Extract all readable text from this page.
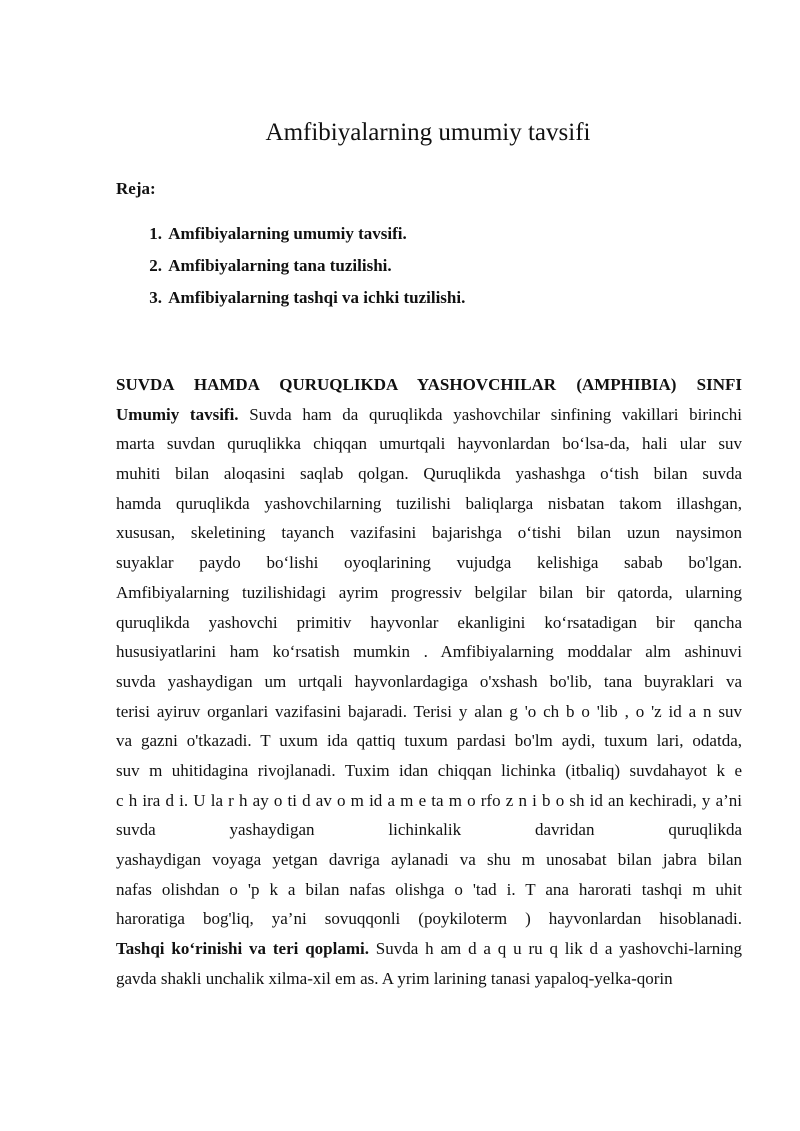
Amfibiyalarning umumiy tavsifi

Reja:

1. Amfibiyalarning umumiy tavsifi.
2. Amfibiyalarning tana tuzilishi.
3. Amfibiyalarning tashqi va ichki tuzilishi.
SUVDA HAMDA QURUQLIKDA YASHOVCHILAR (AMPHIBIA) SINFI
Umumiy tavsifi. Suvda ham da quruqlikda yashovchilar sinfining vakillari birinchi
marta suvdan quruqlikka chiqqan umurtqali hayvonlardan bo‘lsa-da, hali ular suv
muhiti bilan aloqasini saqlab qolgan. Quruqlikda yashashga o‘tish bilan suvda
hamda quruqlikda yashovchilarning tuzilishi baliqlarga nisbatan takom illashgan,
xususan, skeletining tayanch vazifasini bajarishga o‘tishi bilan uzun naysimon
suyaklar paydo bo‘lishi oyoqlarining vujudga kelishiga sabab bo'lgan.
Amfibiyalarning tuzilishidagi ayrim progressiv belgilar bilan bir qatorda, ularning
quruqlikda yashovchi primitiv hayvonlar ekanligini ko‘rsatadigan bir qancha
hususiyatlarini ham ko‘rsatish mumkin . Amfibiyalarning moddalar alm ashinuvi
suvda yashaydigan um urtqali hayvonlardagiga o'xshash bo'lib, tana buyraklari va
terisi ayiruv organlari vazifasini bajaradi. Terisi y alan g 'o ch b o 'lib , o 'z id a n suv
va gazni o'tkazadi. T uxum ida qattiq tuxum pardasi bo'lm aydi, tuxum lari, odatda,
suv m uhitidagina rivojlanadi. Tuxim idan chiqqan lichinka (itbaliq) suvdahayot k e
c h ira d i. U la r h ay o ti d av o m id a m e ta m o rfo z n i b o sh id an kechiradi, y a’ni
suvda yashaydigan lichinkalik davridan quruqlikda
yashaydigan voyaga yetgan davriga aylanadi va shu m unosabat bilan jabra bilan
nafas olishdan o 'p k a bilan nafas olishga o 'tad i. T ana harorati tashqi m uhit
haroratiga bog'liq, ya’ni sovuqqonli (poykiloterm ) hayvonlardan hisoblanadi.
Tashqi ko‘rinishi va teri qoplami. Suvda h am d a q u ru q lik d a yashovchi-larning
gavda shakli unchalik xilma-xil em as. A yrim larining tanasi yapaloq-yelka-qorin
